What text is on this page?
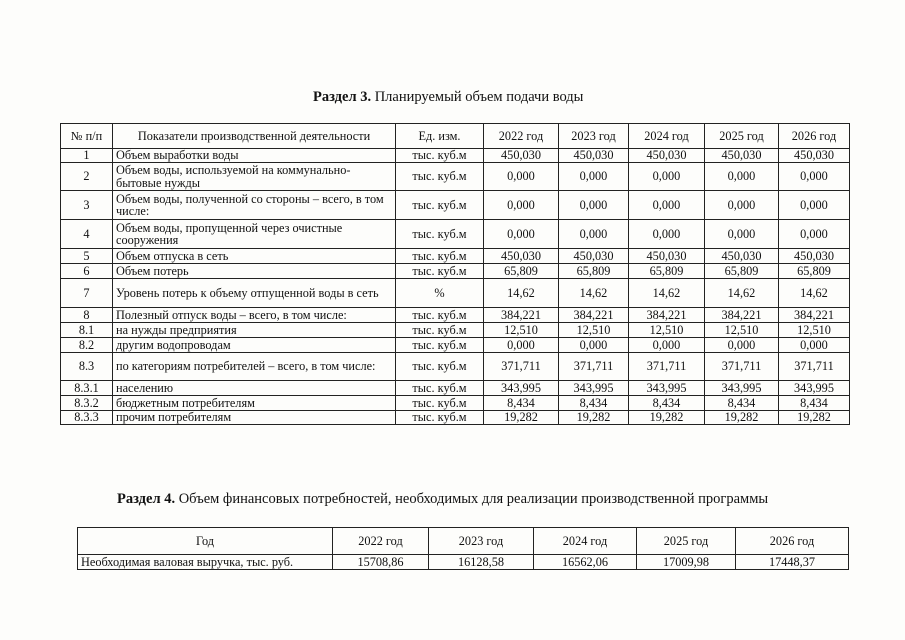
Раздел 3. Планируемый объем подачи воды
№ п/п	Показатели производственной деятельности	Ед. изм.	2022 год	2023 год	2024 год	2025 год	2026 год
1	Объем выработки воды	тыс. куб.м	450,030	450,030	450,030	450,030	450,030
2	Объем воды, используемой на коммунально-бытовые нужды	тыс. куб.м	0,000	0,000	0,000	0,000	0,000
3	Объем воды, полученной со стороны – всего, в том числе:	тыс. куб.м	0,000	0,000	0,000	0,000	0,000
4	Объем воды, пропущенной через очистные сооружения	тыс. куб.м	0,000	0,000	0,000	0,000	0,000
5	Объем отпуска в сеть	тыс. куб.м	450,030	450,030	450,030	450,030	450,030
6	Объем потерь	тыс. куб.м	65,809	65,809	65,809	65,809	65,809
7	Уровень потерь к объему отпущенной воды в сеть	%	14,62	14,62	14,62	14,62	14,62
8	Полезный отпуск воды – всего, в том числе:	тыс. куб.м	384,221	384,221	384,221	384,221	384,221
8.1	на нужды предприятия	тыс. куб.м	12,510	12,510	12,510	12,510	12,510
8.2	другим водопроводам	тыс. куб.м	0,000	0,000	0,000	0,000	0,000
8.3	по категориям потребителей – всего, в том числе:	тыс. куб.м	371,711	371,711	371,711	371,711	371,711
8.3.1	населению	тыс. куб.м	343,995	343,995	343,995	343,995	343,995
8.3.2	бюджетным потребителям	тыс. куб.м	8,434	8,434	8,434	8,434	8,434
8.3.3	прочим потребителям	тыс. куб.м	19,282	19,282	19,282	19,282	19,282
Раздел 4. Объем финансовых потребностей, необходимых для реализации производственной программы
Год	2022 год	2023 год	2024 год	2025 год	2026 год
Необходимая валовая выручка, тыс. руб.	15708,86	16128,58	16562,06	17009,98	17448,37
